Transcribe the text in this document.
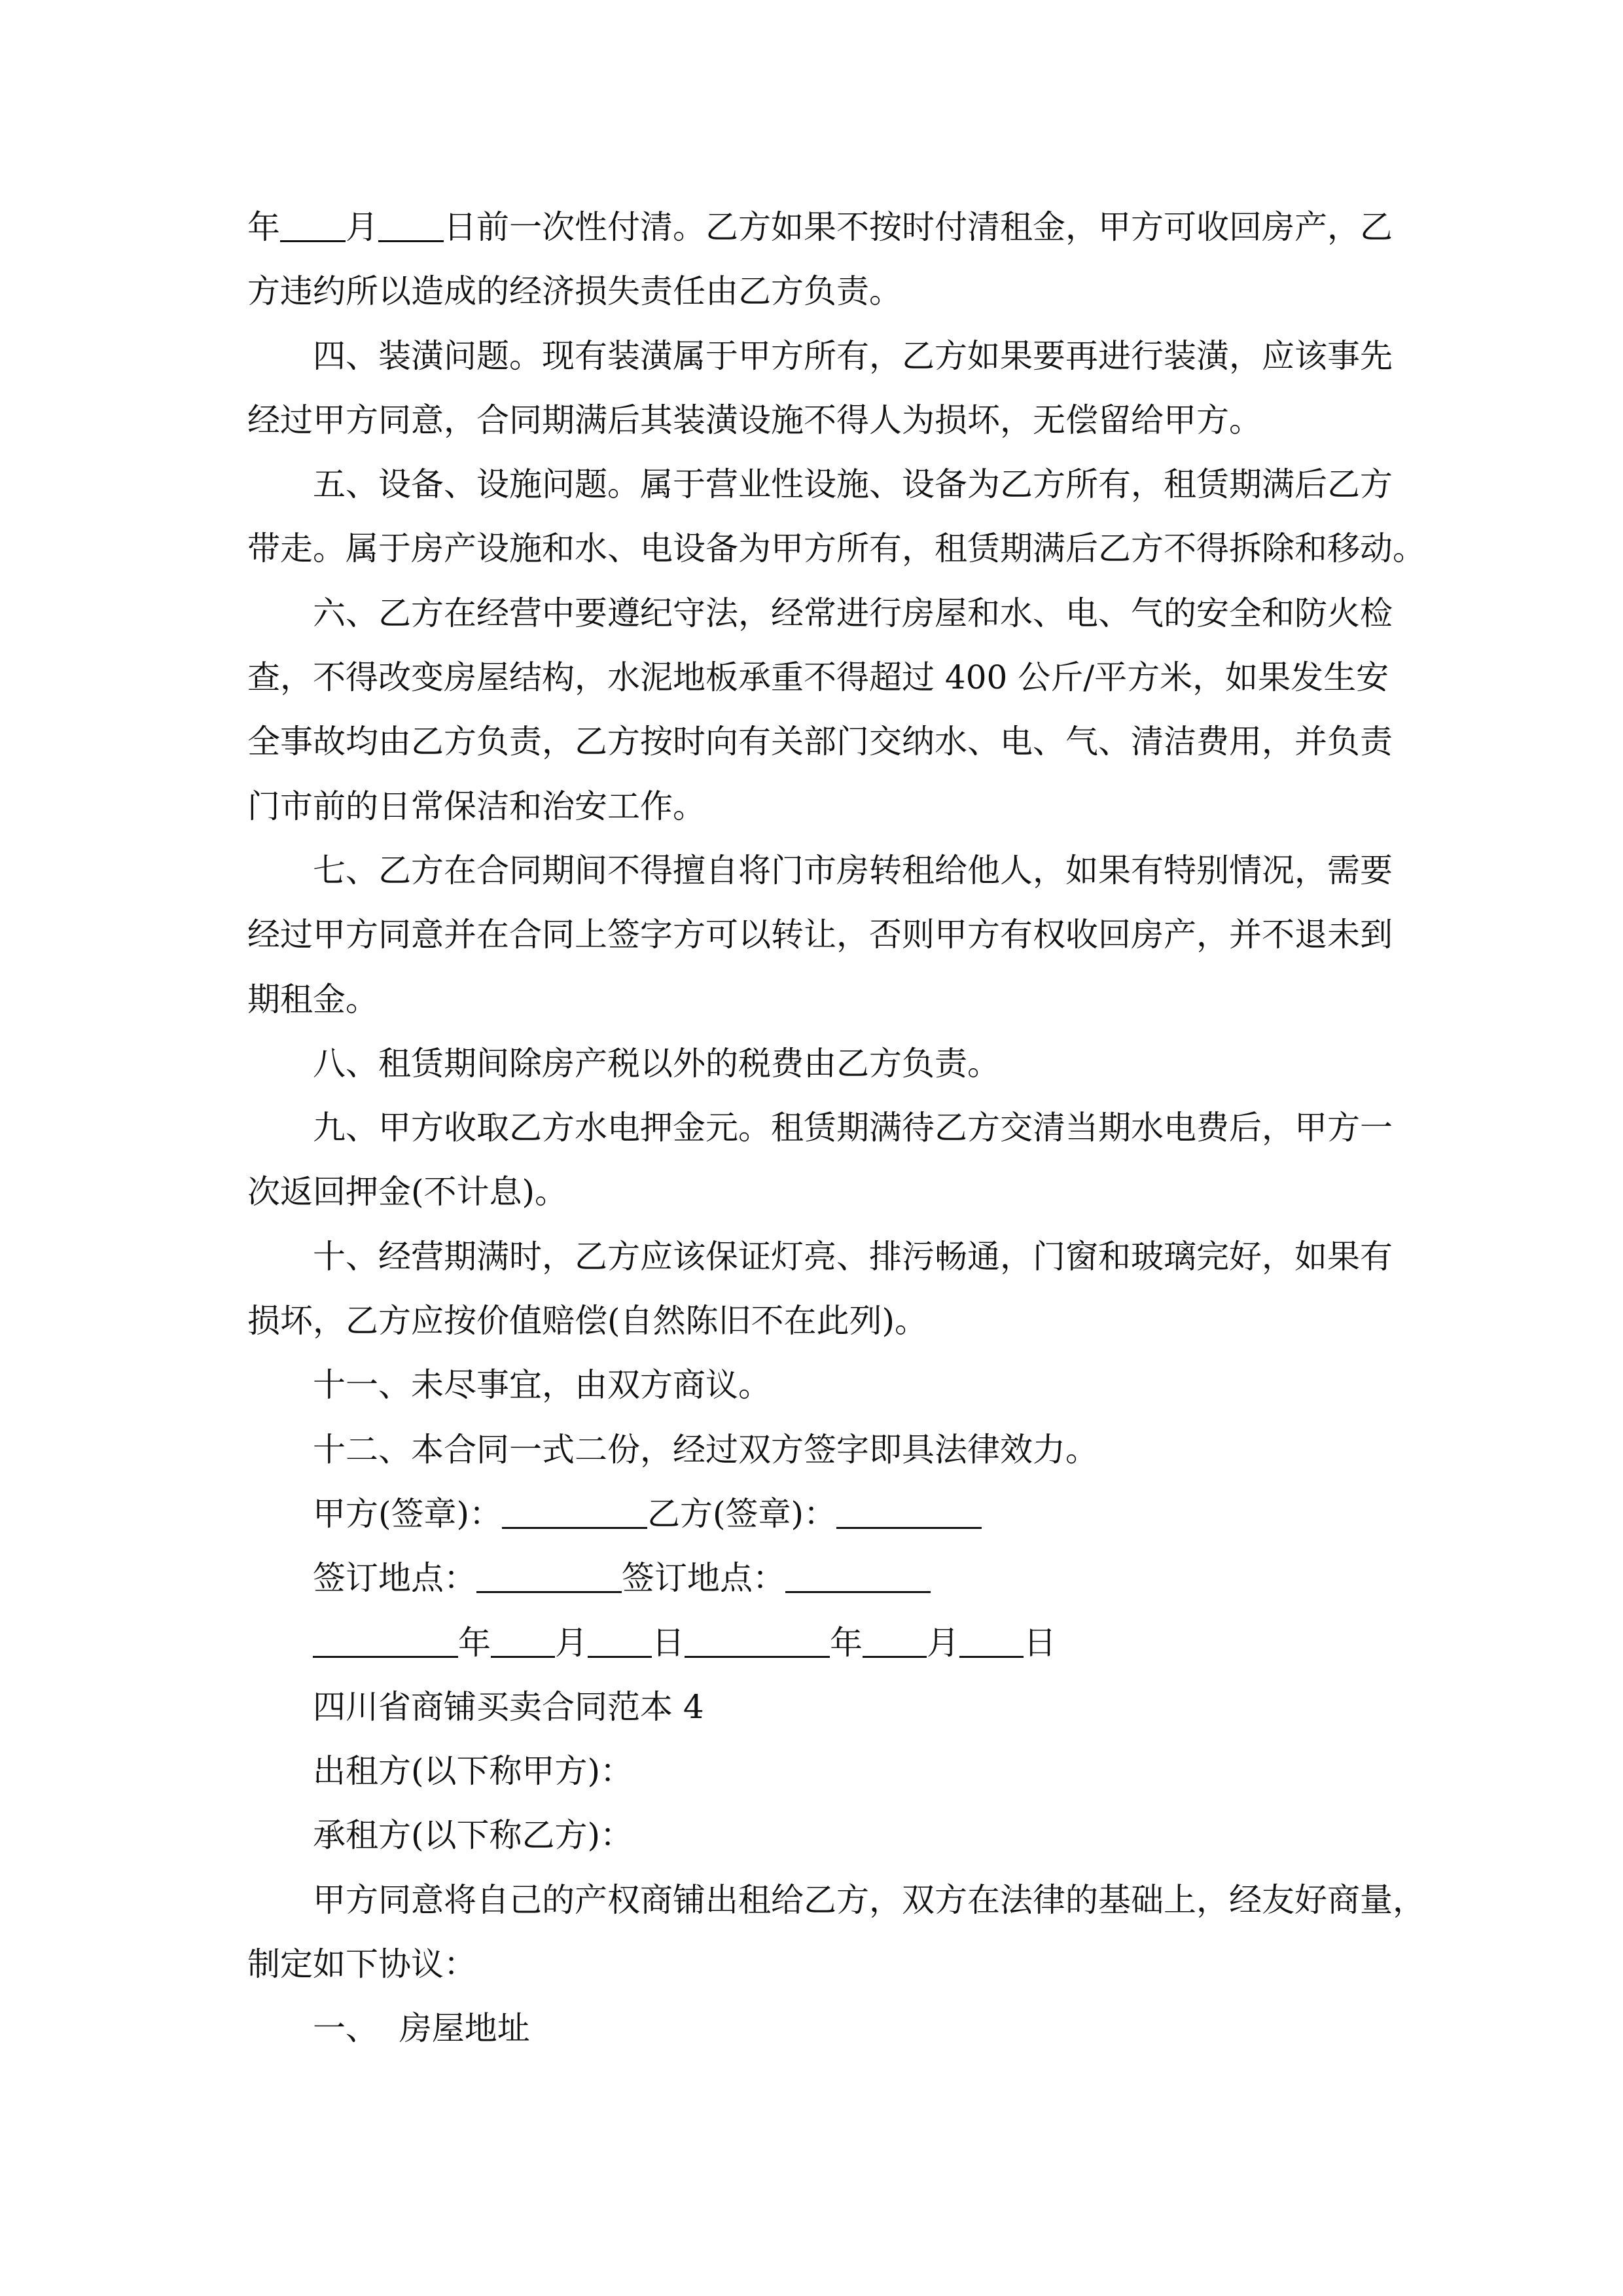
年 月 日前一次性付清。乙方如果不按时付清租金，甲方可收回房产，乙
方违约所以造成的经济损失责任由乙方负责。
四、装潢问题。现有装潢属于甲方所有，乙方如果要再进行装潢，应该事先
经过甲方同意，合同期满后其装潢设施不得人为损坏，无偿留给甲方。
五、设备、设施问题。属于营业性设施、设备为乙方所有，租赁期满后乙方
带走。属于房产设施和水、电设备为甲方所有，租赁期满后乙方不得拆除和移动。
六、乙方在经营中要遵纪守法，经常进行房屋和水、电、气的安全和防火检
查，不得改变房屋结构，水泥地板承重不得超过 400 公斤/平方米，如果发生安
全事故均由乙方负责，乙方按时向有关部门交纳水、电、气、清洁费用，并负责
门市前的日常保洁和治安工作。
七、乙方在合同期间不得擅自将门市房转租给他人，如果有特别情况，需要
经过甲方同意并在合同上签字方可以转让，否则甲方有权收回房产，并不退未到
期租金。
八、租赁期间除房产税以外的税费由乙方负责。
九、甲方收取乙方水电押金元。租赁期满待乙方交清当期水电费后，甲方一
次返回押金(不计息)。
十、经营期满时，乙方应该保证灯亮、排污畅通，门窗和玻璃完好，如果有
损坏，乙方应按价值赔偿(自然陈旧不在此列)。
十一、未尽事宜，由双方商议。
十二、本合同一式二份，经过双方签字即具法律效力。
甲方(签章)：	乙方(签章)：
签订地点：	签订地点：
年 月 日	年 月 日
四川省商铺买卖合同范本 4
出租方(以下称甲方)：
承租方(以下称乙方)：
甲方同意将自己的产权商铺出租给乙方，双方在法律的基础上，经友好商量，
制定如下协议：
一、  房屋地址
